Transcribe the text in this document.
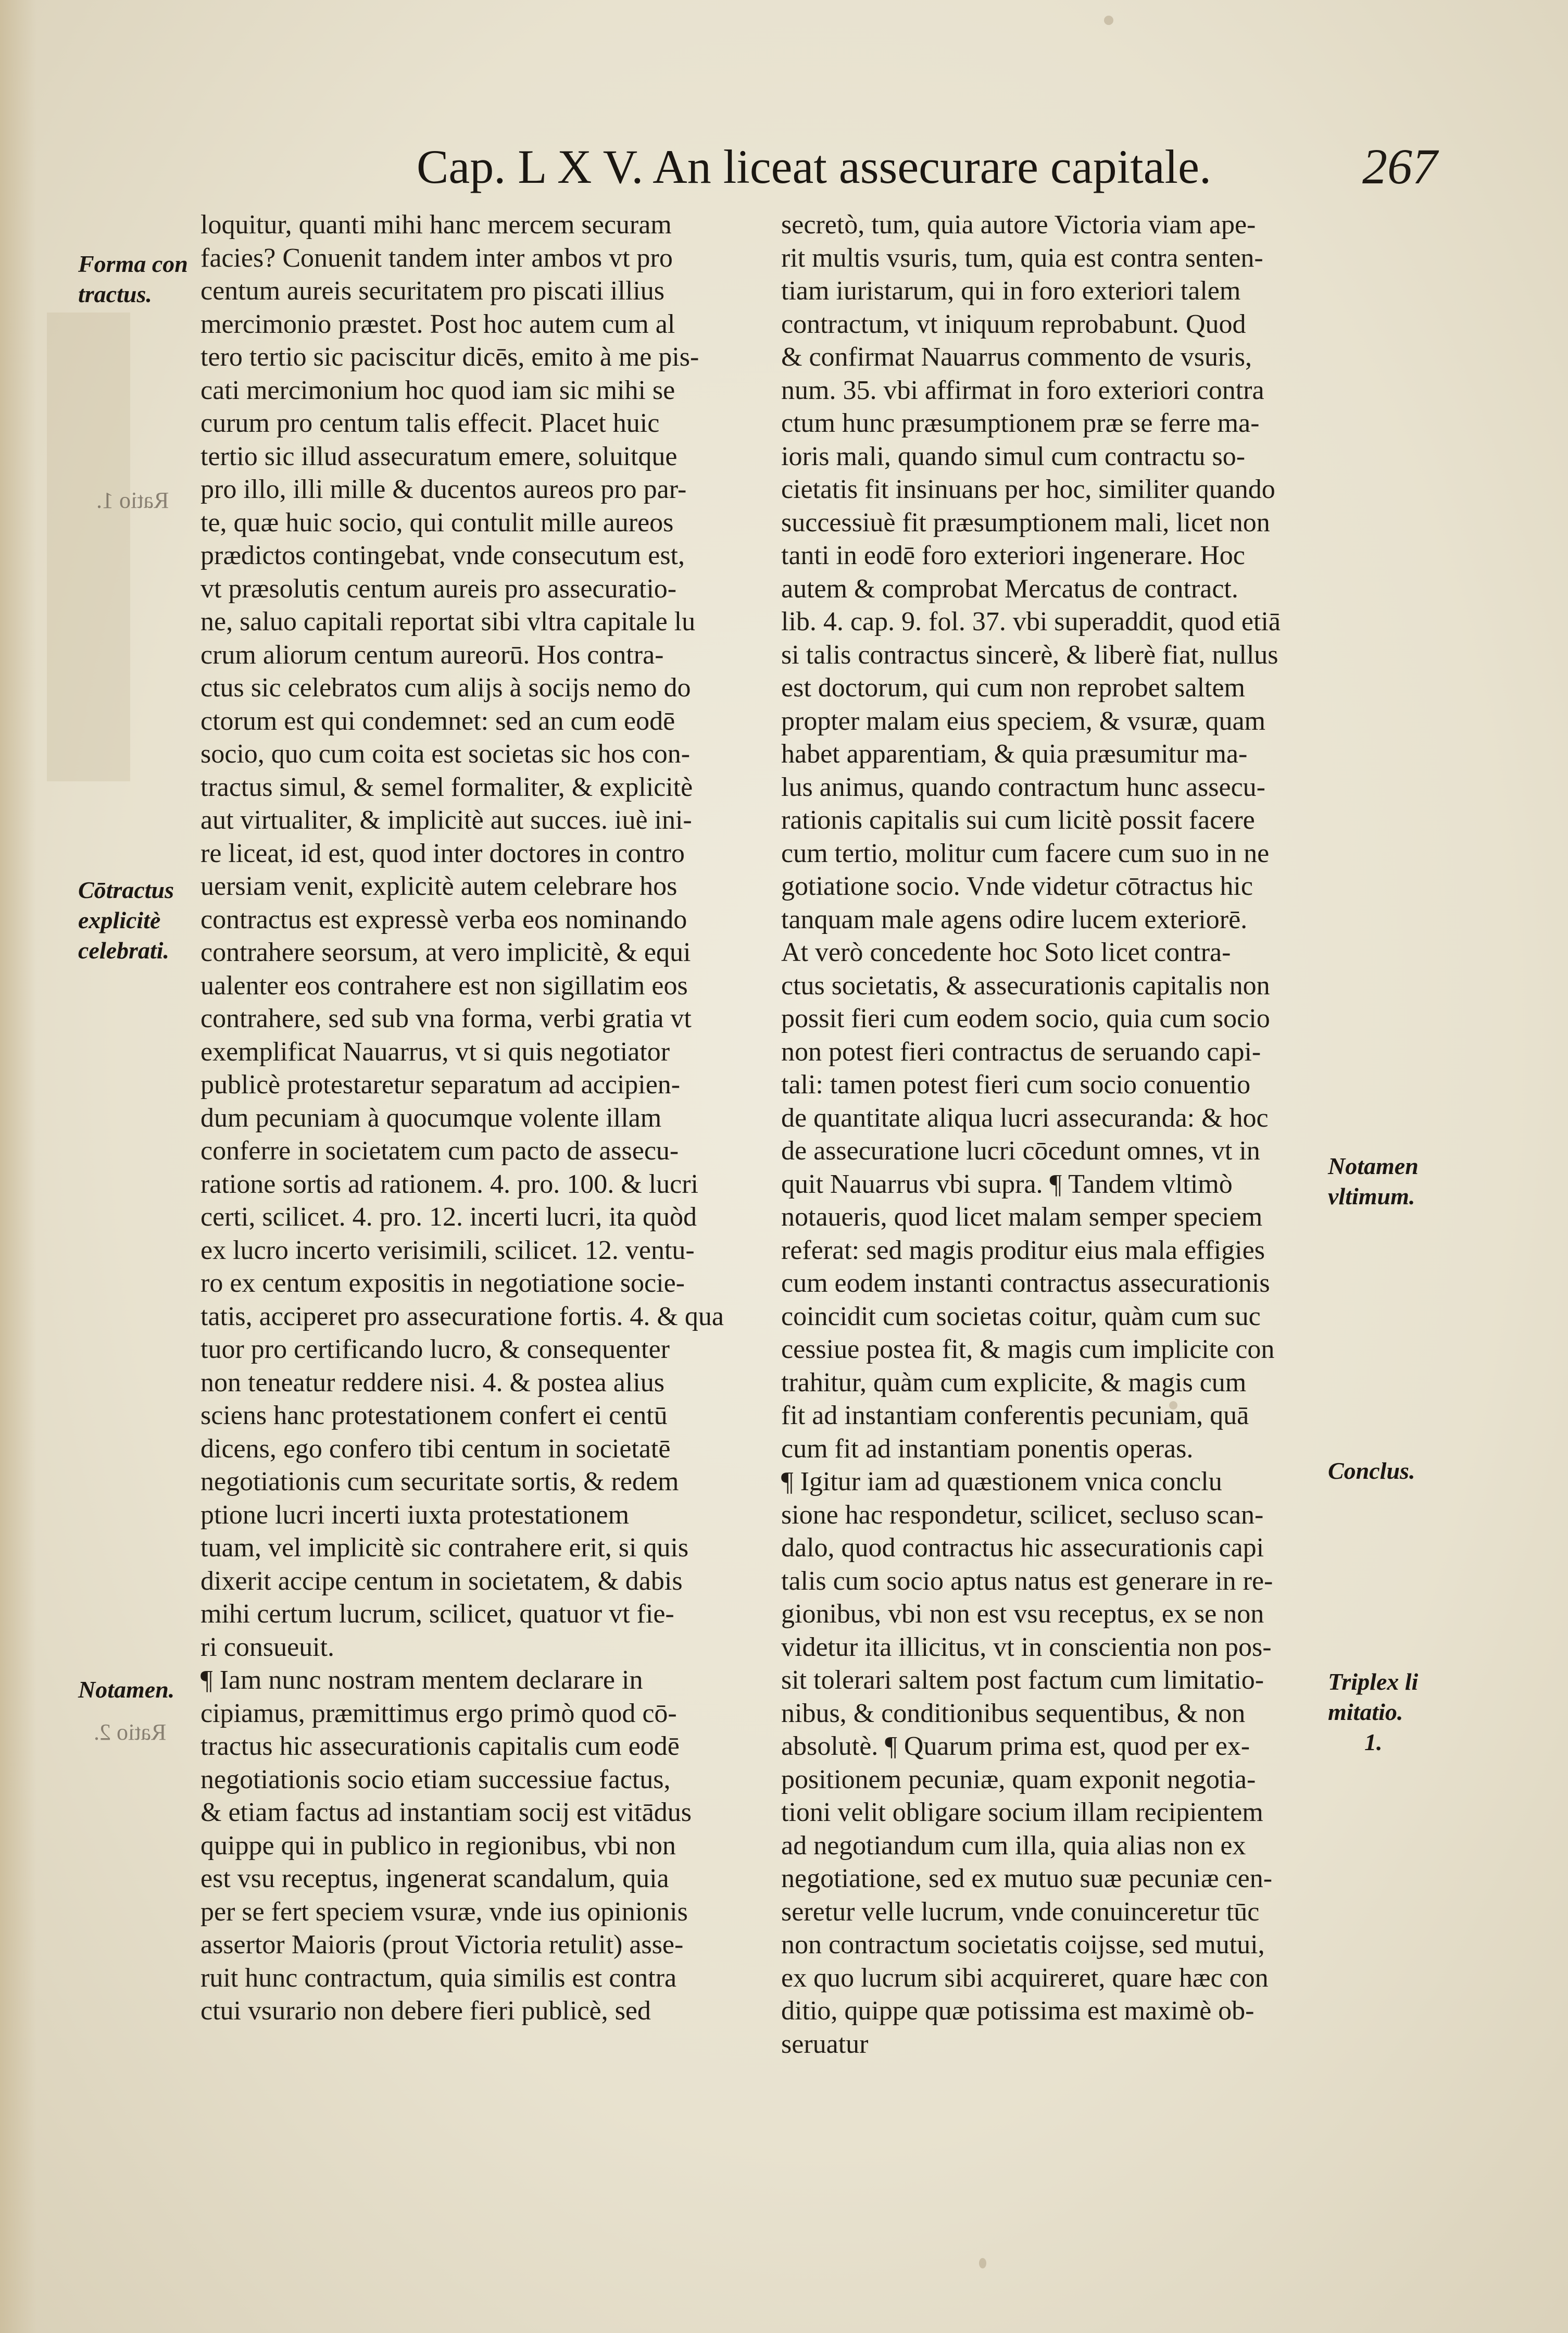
Cap. L X V. An liceat assecurare capitale.	267
Forma con
tractus.
Ratio 1.
Cōtractus
explicitè
celebrati.
Notamen.
Ratio 2.
Notamen
vltimum.
Conclus.
Triplex li
mitatio.
1.
loquitur, quanti mihi hanc mercem securam
facies? Conuenit tandem inter ambos vt pro
centum aureis securitatem pro piscati illius
mercimonio præstet. Post hoc autem cum al
tero tertio sic paciscitur dicēs, emito à me pis-
cati mercimonium hoc quod iam sic mihi se
curum pro centum talis effecit. Placet huic
tertio sic illud assecuratum emere, soluitque
pro illo, illi mille & ducentos aureos pro par-
te, quæ huic socio, qui contulit mille aureos
prædictos contingebat, vnde consecutum est,
vt præsolutis centum aureis pro assecuratio-
ne, saluo capitali reportat sibi vltra capitale lu
crum aliorum centum aureorū. Hos contra-
ctus sic celebratos cum alijs à socijs nemo do
ctorum est qui condemnet: sed an cum eodē
socio, quo cum coita est societas sic hos con-
tractus simul, & semel formaliter, & explicitè
aut virtualiter, & implicitè aut succes. iuè ini-
re liceat, id est, quod inter doctores in contro
uersiam venit, explicitè autem celebrare hos
contractus est expressè verba eos nominando
contrahere seorsum, at vero implicitè, & equi
ualenter eos contrahere est non sigillatim eos
contrahere, sed sub vna forma, verbi gratia vt
exemplificat Nauarrus, vt si quis negotiator
publicè protestaretur separatum ad accipien-
dum pecuniam à quocumque volente illam
conferre in societatem cum pacto de assecu-
ratione sortis ad rationem. 4. pro. 100. & lucri
certi, scilicet. 4. pro. 12. incerti lucri, ita quòd
ex lucro incerto verisimili, scilicet. 12. ventu-
ro ex centum expositis in negotiatione socie-
tatis, acciperet pro assecuratione fortis. 4. & qua
tuor pro certificando lucro, & consequenter
non teneatur reddere nisi. 4. & postea alius
sciens hanc protestationem confert ei centū
dicens, ego confero tibi centum in societatē
negotiationis cum securitate sortis, & redem
ptione lucri incerti iuxta protestationem
tuam, vel implicitè sic contrahere erit, si quis
dixerit accipe centum in societatem, & dabis
mihi certum lucrum, scilicet, quatuor vt fie-
ri consueuit.
¶ Iam nunc nostram mentem declarare in
cipiamus, præmittimus ergo primò quod cō-
tractus hic assecurationis capitalis cum eodē
negotiationis socio etiam successiue factus,
& etiam factus ad instantiam socij est vitādus
quippe qui in publico in regionibus, vbi non
est vsu receptus, ingenerat scandalum, quia
per se fert speciem vsuræ, vnde ius opinionis
assertor Maioris (prout Victoria retulit) asse-
ruit hunc contractum, quia similis est contra
ctui vsurario non debere fieri publicè, sed
secretò, tum, quia autore Victoria viam ape-
rit multis vsuris, tum, quia est contra senten-
tiam iuristarum, qui in foro exteriori talem
contractum, vt iniquum reprobabunt. Quod
& confirmat Nauarrus commento de vsuris,
num. 35. vbi affirmat in foro exteriori contra
ctum hunc præsumptionem præ se ferre ma-
ioris mali, quando simul cum contractu so-
cietatis fit insinuans per hoc, similiter quando
successiuè fit præsumptionem mali, licet non
tanti in eodē foro exteriori ingenerare. Hoc
autem & comprobat Mercatus de contract.
lib. 4. cap. 9. fol. 37. vbi superaddit, quod etiā
si talis contractus sincerè, & liberè fiat, nullus
est doctorum, qui cum non reprobet saltem
propter malam eius speciem, & vsuræ, quam
habet apparentiam, & quia præsumitur ma-
lus animus, quando contractum hunc assecu-
rationis capitalis sui cum licitè possit facere
cum tertio, molitur cum facere cum suo in ne
gotiatione socio. Vnde videtur cōtractus hic
tanquam male agens odire lucem exteriorē.
At verò concedente hoc Soto licet contra-
ctus societatis, & assecurationis capitalis non
possit fieri cum eodem socio, quia cum socio
non potest fieri contractus de seruando capi-
tali: tamen potest fieri cum socio conuentio
de quantitate aliqua lucri assecuranda: & hoc
de assecuratione lucri cōcedunt omnes, vt in
quit Nauarrus vbi supra. ¶ Tandem vltimò
notaueris, quod licet malam semper speciem
referat: sed magis proditur eius mala effigies
cum eodem instanti contractus assecurationis
coincidit cum societas coitur, quàm cum suc
cessiue postea fit, & magis cum implicite con
trahitur, quàm cum explicite, & magis cum
fit ad instantiam conferentis pecuniam, quā
cum fit ad instantiam ponentis operas.
¶ Igitur iam ad quæstionem vnica conclu
sione hac respondetur, scilicet, secluso scan-
dalo, quod contractus hic assecurationis capi
talis cum socio aptus natus est generare in re-
gionibus, vbi non est vsu receptus, ex se non
videtur ita illicitus, vt in conscientia non pos-
sit tolerari saltem post factum cum limitatio-
nibus, & conditionibus sequentibus, & non
absolutè. ¶ Quarum prima est, quod per ex-
positionem pecuniæ, quam exponit negotia-
tioni velit obligare socium illam recipientem
ad negotiandum cum illa, quia alias non ex
negotiatione, sed ex mutuo suæ pecuniæ cen-
seretur velle lucrum, vnde conuinceretur tūc
non contractum societatis coijsse, sed mutui,
ex quo lucrum sibi acquireret, quare hæc con
ditio, quippe quæ potissima est maximè ob-
seruatur
